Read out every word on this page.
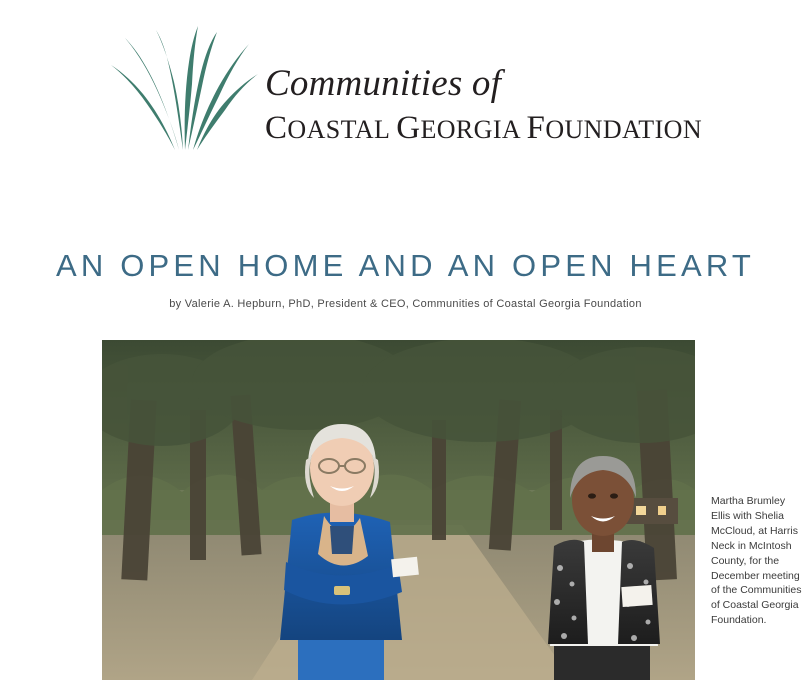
Communities of
COASTAL GEORGIA FOUNDATION
AN OPEN HOME AND AN OPEN HEART
by Valerie A. Hepburn, PhD, President & CEO, Communities of Coastal Georgia Foundation
Martha Brumley Ellis with Shelia McCloud, at Harris Neck in McIntosh County, for the December meeting of the Communities of Coastal Georgia Foundation.
